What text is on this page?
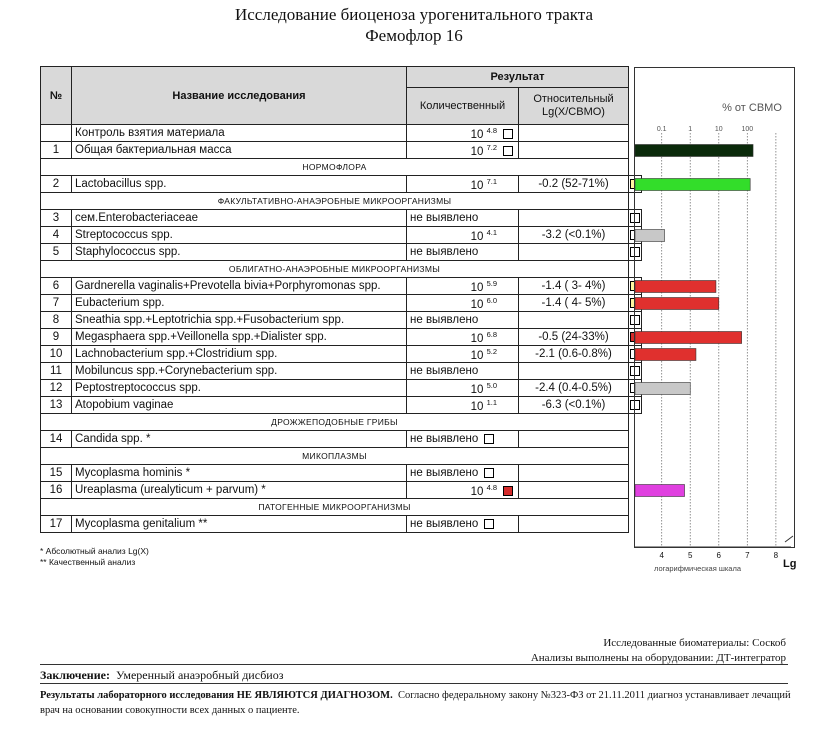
Исследование биоценоза урогенитального тракта
Фемофлор 16
№	Название исследования	Результат		
		Количественный	Относительный Lg(X/CBMO)	
	Контроль взятия материала	10 $^{4.8}$		
1	Общая бактериальная масса	10 $^{7.2}$		
НОРМОФЛОРА				
2	Lactobacillus spp.	10 $^{7.1}$	-0.2 (52-71%)	
ФАКУЛЬТАТИВНО-АНАЭРОБНЫЕ МИКРООРГАНИЗМЫ				
3	сем.Enterobacteriaceae	не выявлено		
4	Streptococcus spp.	10 $^{4.1}$	-3.2 (<0.1%)	
5	Staphylococcus spp.	не выявлено		
ОБЛИГАТНО-АНАЭРОБНЫЕ МИКРООРГАНИЗМЫ				
6	Gardnerella vaginalis+Prevotella bivia+Porphyromonas spp.	10 $^{5.9}$	-1.4 ( 3- 4%)	
7	Eubacterium spp.	10 $^{6.0}$	-1.4 ( 4- 5%)	
8	Sneathia spp.+Leptotrichia spp.+Fusobacterium spp.	не выявлено		
9	Megasphaera spp.+Veillonella spp.+Dialister spp.	10 $^{6.8}$	-0.5 (24-33%)	
10	Lachnobacterium spp.+Clostridium spp.	10 $^{5.2}$	-2.1 (0.6-0.8%)	
11	Mobiluncus spp.+Corynebacterium spp.	не выявлено		
12	Peptostreptococcus spp.	10 $^{5.0}$	-2.4 (0.4-0.5%)	
13	Atopobium vaginae	10 $^{1.1}$	-6.3 (<0.1%)	
ДРОЖЖЕПОДОБНЫЕ ГРИБЫ				
14	Candida spp. *	не выявлено		
МИКОПЛАЗМЫ				
15	Mycoplasma hominis *	не выявлено		
16	Ureaplasma (urealyticum + parvum) *	10 $^{4.8}$		
ПАТОГЕННЫЕ МИКРООРГАНИЗМЫ				
17	Mycoplasma genitalium **	не выявлено		
% от СВМО
0.1	1	10	100
* Абсолютный анализ Lg(X)
** Качественный анализ
Исследованные биоматериалы: Соскоб
Анализы выполнены на оборудовании: ДТ-интегратор
Заключение: Умеренный анаэробный дисбиоз
Результаты лабораторного исследования НЕ ЯВЛЯЮТСЯ ДИАГНОЗОМ. Согласно федеральному закону №323-ФЗ от 21.11.2011 диагноз устанавливает лечащий врач на основании совокупности всех данных о пациенте.
4	5	6	7	8
логарифмическая шкала	Lg
